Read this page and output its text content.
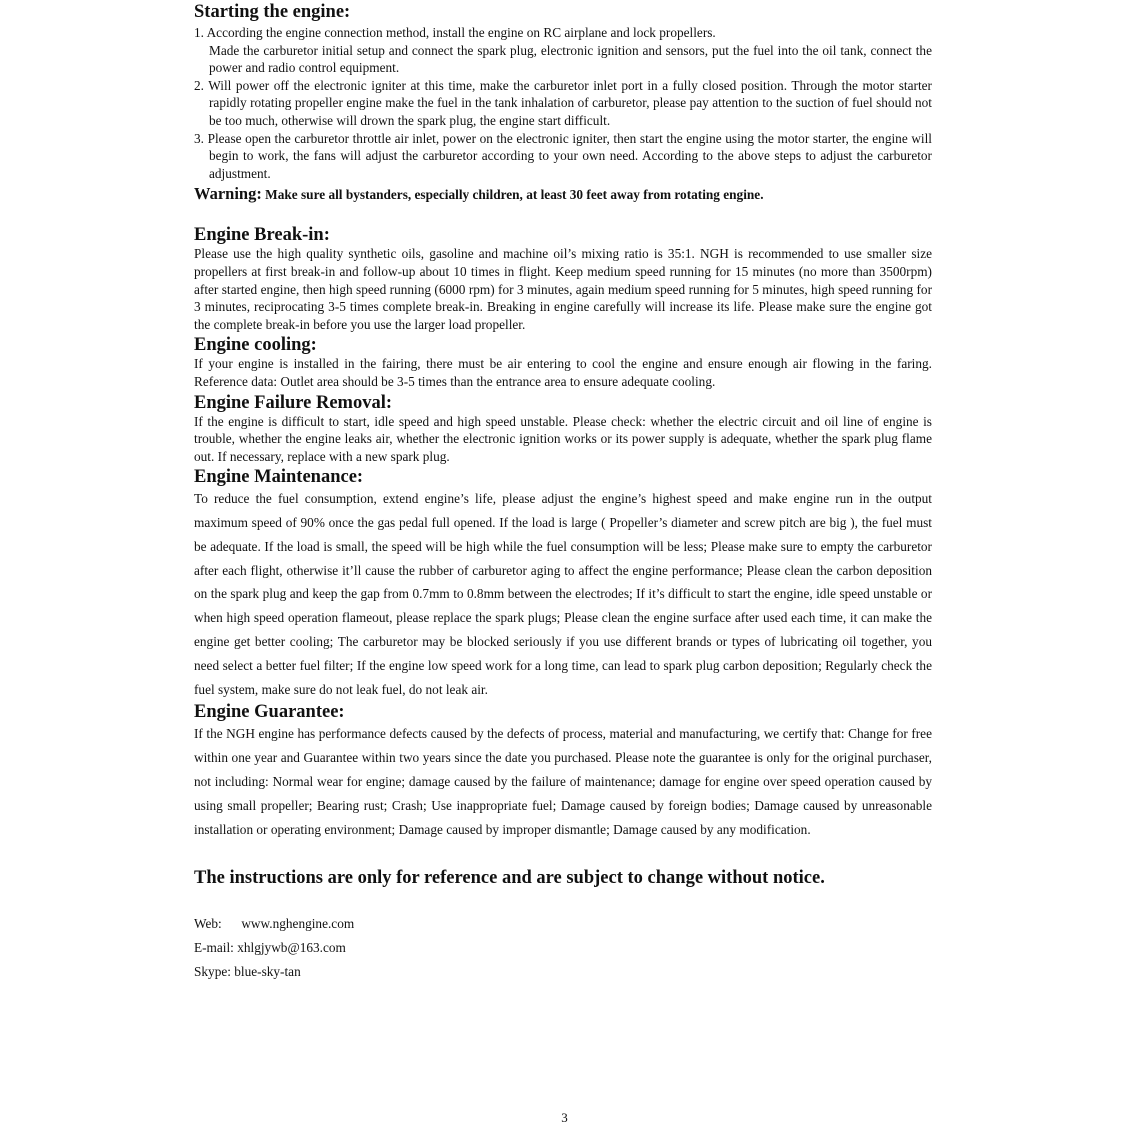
Starting the engine:

1. According the engine connection method, install the engine on RC airplane and lock propellers.
Made the carburetor initial setup and connect the spark plug, electronic ignition and sensors, put the fuel into the oil tank, connect the power and radio control equipment.
2. Will power off the electronic igniter at this time, make the carburetor inlet port in a fully closed position. Through the motor starter rapidly rotating propeller engine make the fuel in the tank inhalation of carburetor, please pay attention to the suction of fuel should not be too much, otherwise will drown the spark plug, the engine start difficult.
3. Please open the carburetor throttle air inlet, power on the electronic igniter, then start the engine using the motor starter, the engine will begin to work, the fans will adjust the carburetor according to your own need. According to the above steps to adjust the carburetor adjustment.

Warning: Make sure all bystanders, especially children, at least 30 feet away from rotating engine.

Engine Break-in:

Please use the high quality synthetic oils, gasoline and machine oil’s mixing ratio is 35:1. NGH is recommended to use smaller size propellers at first break-in and follow-up about 10 times in flight. Keep medium speed running for 15 minutes (no more than 3500rpm) after started engine, then high speed running (6000 rpm) for 3 minutes, again medium speed running for 5 minutes, high speed running for 3 minutes, reciprocating 3-5 times complete break-in. Breaking in engine carefully will increase its life. Please make sure the engine got the complete break-in before you use the larger load propeller.

Engine cooling:

If your engine is installed in the fairing, there must be air entering to cool the engine and ensure enough air flowing in the faring. Reference data: Outlet area should be 3-5 times than the entrance area to ensure adequate cooling.

Engine Failure Removal:

If the engine is difficult to start, idle speed and high speed unstable. Please check: whether the electric circuit and oil line of engine is trouble, whether the engine leaks air, whether the electronic ignition works or its power supply is adequate, whether the spark plug flame out. If necessary, replace with a new spark plug.

Engine Maintenance:

To reduce the fuel consumption, extend engine’s life, please adjust the engine’s highest speed and make engine run in the output maximum speed of 90% once the gas pedal full opened. If the load is large ( Propeller’s diameter and screw pitch are big ), the fuel must be adequate. If the load is small, the speed will be high while the fuel consumption will be less; Please make sure to empty the carburetor after each flight, otherwise it’ll cause the rubber of carburetor aging to affect the engine performance; Please clean the carbon deposition on the spark plug and keep the gap from 0.7mm to 0.8mm between the electrodes; If it’s difficult to start the engine, idle speed unstable or when high speed operation flameout, please replace the spark plugs; Please clean the engine surface after used each time, it can make the engine get better cooling; The carburetor may be blocked seriously if you use different brands or types of lubricating oil together, you need select a better fuel filter; If the engine low speed work for a long time, can lead to spark plug carbon deposition; Regularly check the fuel system, make sure do not leak fuel, do not leak air.

Engine Guarantee:

If the NGH engine has performance defects caused by the defects of process, material and manufacturing, we certify that: Change for free within one year and Guarantee within two years since the date you purchased. Please note the guarantee is only for the original purchaser, not including: Normal wear for engine; damage caused by the failure of maintenance; damage for engine over speed operation caused by using small propeller; Bearing rust; Crash; Use inappropriate fuel; Damage caused by foreign bodies; Damage caused by unreasonable installation or operating environment; Damage caused by improper dismantle; Damage caused by any modification.

The instructions are only for reference and are subject to change without notice.

Web: www.nghengine.com

E-mail: xhlgjywb@163.com

Skype: blue-sky-tan

3
